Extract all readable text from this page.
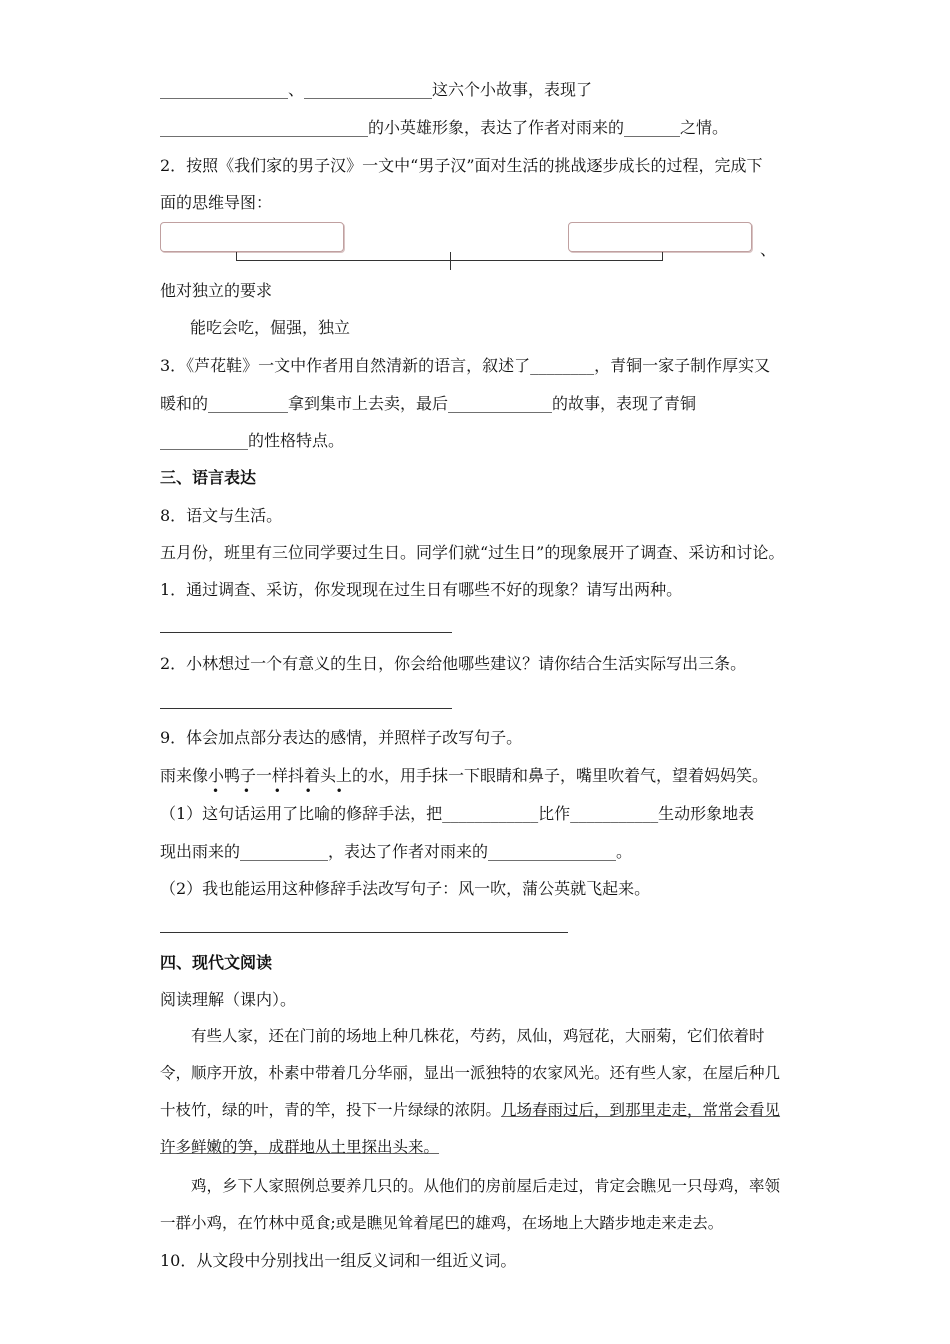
________________、________________这六个小故事，表现了
__________________________的小英雄形象，表达了作者对雨来的_______之情。
2．按照《我们家的男子汉》一文中“男子汉”面对生活的挑战逐步成长的过程，完成下
面的思维导图：
、
他对独立的要求
能吃会吃，倔强，独立
3．《芦花鞋》一文中作者用自然清新的语言，叙述了________，青铜一家子制作厚实又
暖和的__________拿到集市上去卖，最后_____________的故事，表现了青铜
___________的性格特点。
三、语言表达
8．语文与生活。
五月份，班里有三位同学要过生日。同学们就“过生日”的现象展开了调查、采访和讨论。
1．通过调查、采访，你发现现在过生日有哪些不好的现象？请写出两种。
2．小林想过一个有意义的生日，你会给他哪些建议？请你结合生活实际写出三条。
9．体会加点部分表达的感情，并照样子改写句子。
雨来像小鸭子一样抖着头上的水，用手抹一下眼睛和鼻子，嘴里吹着气，望着妈妈笑。
• • • • •
（1）这句话运用了比喻的修辞手法，把____________比作___________生动形象地表
现出雨来的___________，表达了作者对雨来的________________。
（2）我也能运用这种修辞手法改写句子：风一吹，蒲公英就飞起来。
四、现代文阅读
阅读理解（课内）。
有些人家，还在门前的场地上种几株花，芍药，凤仙，鸡冠花，大丽菊，它们依着时令，顺序开放，朴素中带着几分华丽，显出一派独特的农家风光。还有些人家，在屋后种几十枝竹，绿的叶，青的竿，投下一片绿绿的浓阴。几场春雨过后，到那里走走，常常会看见许多鲜嫩的笋，成群地从土里探出头来。
鸡，乡下人家照例总要养几只的。从他们的房前屋后走过，肯定会瞧见一只母鸡，率领一群小鸡，在竹林中觅食;或是瞧见耸着尾巴的雄鸡，在场地上大踏步地走来走去。
10．从文段中分别找出一组反义词和一组近义词。
